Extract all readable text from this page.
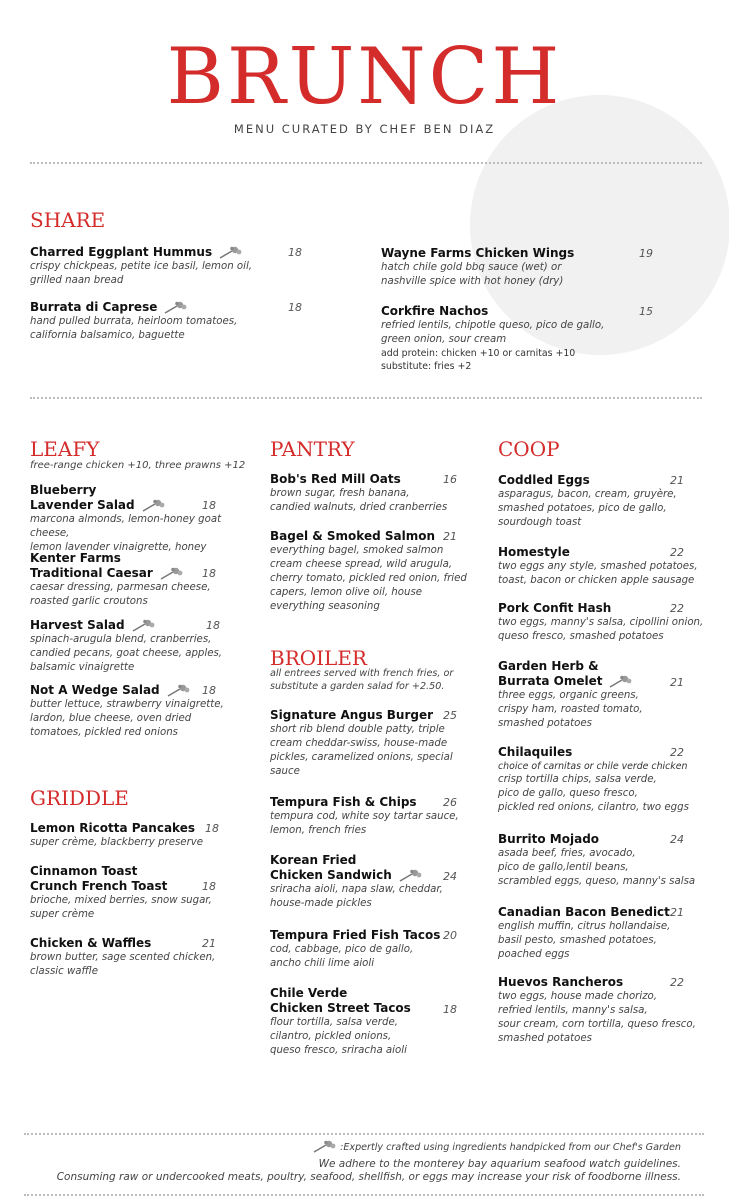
BRUNCH
MENU CURATED BY CHEF BEN DIAZ
SHARE
Charred Eggplant Hummus
crispy chickpeas, petite ice basil, lemon oil,
grilled naan bread
18
Burrata di Caprese
hand pulled burrata, heirloom tomatoes,
california balsamico, baguette
18
Wayne Farms Chicken Wings
hatch chile gold bbq sauce (wet) or
nashville spice with hot honey (dry)
19
Corkfire Nachos
refried lentils, chipotle queso, pico de gallo,
green onion, sour cream
add protein: chicken +10 or carnitas +10
substitute: fries +2
15
LEAFY
free-range chicken +10, three prawns +12
Blueberry
Lavender Salad
marcona almonds, lemon-honey goat cheese,
lemon lavender vinaigrette, honey
18
Kenter Farms
Traditional Caesar
caesar dressing, parmesan cheese,
roasted garlic croutons
18
Harvest Salad
spinach-arugula blend, cranberries,
candied pecans, goat cheese, apples,
balsamic vinaigrette
18
Not A Wedge Salad
butter lettuce, strawberry vinaigrette,
lardon, blue cheese, oven dried
tomatoes, pickled red onions
18
GRIDDLE
Lemon Ricotta Pancakes
super crème, blackberry preserve
18
Cinnamon Toast
Crunch French Toast
brioche, mixed berries, snow sugar,
super crème
18
Chicken & Waffles
brown butter, sage scented chicken,
classic waffle
21
PANTRY
Bob's Red Mill Oats
brown sugar, fresh banana,
candied walnuts, dried cranberries
16
Bagel & Smoked Salmon
everything bagel, smoked salmon
cream cheese spread, wild arugula,
cherry tomato, pickled red onion, fried
capers, lemon olive oil, house
everything seasoning
21
BROILER
all entrees served with french fries, or
substitute a garden salad for +2.50.
Signature Angus Burger
short rib blend double patty, triple
cream cheddar-swiss, house-made
pickles, caramelized onions, special
sauce
25
Tempura Fish & Chips
tempura cod, white soy tartar sauce,
lemon, french fries
26
Korean Fried
Chicken Sandwich
sriracha aioli, napa slaw, cheddar,
house-made pickles
24
Tempura Fried Fish Tacos
cod, cabbage, pico de gallo,
ancho chili lime aioli
20
Chile Verde
Chicken Street Tacos
flour tortilla, salsa verde,
cilantro, pickled onions,
queso fresco, sriracha aioli
18
COOP
Coddled Eggs
asparagus, bacon, cream, gruyère,
smashed potatoes, pico de gallo,
sourdough toast
21
Homestyle
two eggs any style, smashed potatoes,
toast, bacon or chicken apple sausage
22
Pork Confit Hash
two eggs, manny's salsa, cipollini onion,
queso fresco, smashed potatoes
22
Garden Herb &
Burrata Omelet
three eggs, organic greens,
crispy ham, roasted tomato,
smashed potatoes
21
Chilaquiles
choice of carnitas or chile verde chicken
crisp tortilla chips, salsa verde,
pico de gallo, queso fresco,
pickled red onions, cilantro, two eggs
22
Burrito Mojado
asada beef, fries, avocado,
pico de gallo,lentil beans,
scrambled eggs, queso, manny's salsa
24
Canadian Bacon Benedict
english muffin, citrus hollandaise,
basil pesto, smashed potatoes,
poached eggs
21
Huevos Rancheros
two eggs, house made chorizo,
refried lentils, manny's salsa,
sour cream, corn tortilla, queso fresco,
smashed potatoes
22
:Expertly crafted using ingredients handpicked from our Chef's Garden
We adhere to the monterey bay aquarium seafood watch guidelines.
Consuming raw or undercooked meats, poultry, seafood, shellfish, or eggs may increase your risk of foodborne illness.
